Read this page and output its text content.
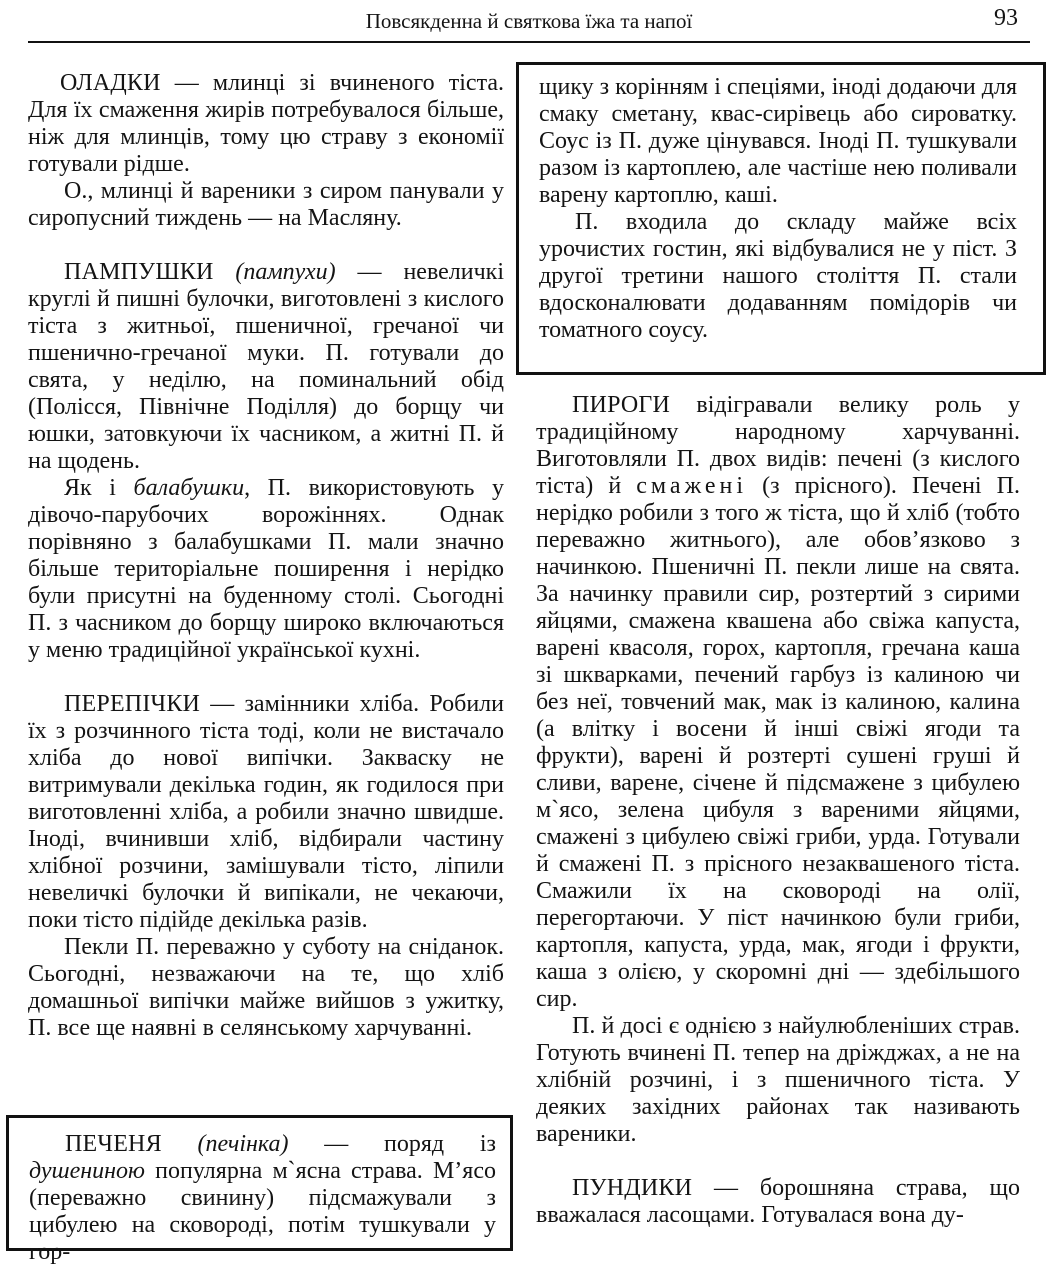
Повсякденна й святкова їжа та напої	93

ОЛАДКИ — млинці зі вчиненого тіста. Для їх смаження жирів потребувалося більше, ніж для млинців, тому цю страву з економії готували рідше.

О., млинці й вареники з сиром панували у сиропусний тиждень — на Масляну.

ПАМПУШКИ (пампухи) — невеличкі круглі й пишні булочки, виготовлені з кислого тіста з житньої, пшеничної, гречаної чи пшенично-гречаної муки. П. готували до свята, у неділю, на поминальний обід (Полісся, Північне Поділля) до борщу чи юшки, затовкуючи їх часником, а житні П. й на щодень.

Як і балабушки, П. використовують у дівочо-парубочих ворожіннях. Однак порівняно з балабушками П. мали значно більше територіальне поширення і нерідко були присутні на буденному столі. Сьогодні П. з часником до борщу широко включаються у меню традиційної української кухні.

ПЕРЕПІЧКИ — замінники хліба. Робили їх з розчинного тіста тоді, коли не вистачало хліба до нової випічки. Закваску не витримували декілька годин, як годилося при виготовленні хліба, а робили значно швидше. Іноді, вчинивши хліб, відбирали частину хлібної розчини, замішували тісто, ліпили невеличкі булочки й випікали, не чекаючи, поки тісто підійде декілька разів.

Пекли П. переважно у суботу на сніданок. Сьогодні, незважаючи на те, що хліб домашньої випічки майже вийшов з ужитку, П. все ще наявні в селянському харчуванні.

ПЕЧЕНЯ (печінка) — поряд із душениною популярна м`ясна страва. М’ясо (переважно свинину) підсмажували з цибулею на сковороді, потім тушкували у гор-

щику з корінням і спеціями, іноді додаючи для смаку сметану, квас-сирівець або сироватку. Соус із П. дуже цінувався. Іноді П. тушкували разом із картоплею, але частіше нею поливали варену картоплю, каші.

П. входила до складу майже всіх урочистих гостин, які відбувалися не у піст. З другої третини нашого століття П. стали вдосконалювати додаванням помідорів чи томатного соусу.

ПИРОГИ відігравали велику роль у традиційному народному харчуванні. Виготовляли П. двох видів: печені (з кислого тіста) й смажені (з прісного). Печені П. нерідко робили з того ж тіста, що й хліб (тобто переважно житнього), але обов’язково з начинкою. Пшеничні П. пекли лише на свята. За начинку правили сир, розтертий з сирими яйцями, смажена квашена або свіжа капуста, варені квасоля, горох, картопля, гречана каша зі шкварками, печений гарбуз із калиною чи без неї, товчений мак, мак із калиною, калина (а влітку і восени й інші свіжі ягоди та фрукти), варені й розтерті сушені груші й сливи, варене, січене й підсмажене з цибулею м`ясо, зелена цибуля з вареними яйцями, смажені з цибулею свіжі гриби, урда. Готували й смажені П. з прісного незаквашеного тіста. Смажили їх на сковороді на олії, перегортаючи. У піст начинкою були гриби, картопля, капуста, урда, мак, ягоди і фрукти, каша з олією, у скоромні дні — здебільшого сир.

П. й досі є однією з найулюбленіших страв. Готують вчинені П. тепер на дріжджах, а не на хлібній розчині, і з пшеничного тіста. У деяких західних районах так називають вареники.

ПУНДИКИ — борошняна страва, що вважалася ласощами. Готувалася вона ду-
